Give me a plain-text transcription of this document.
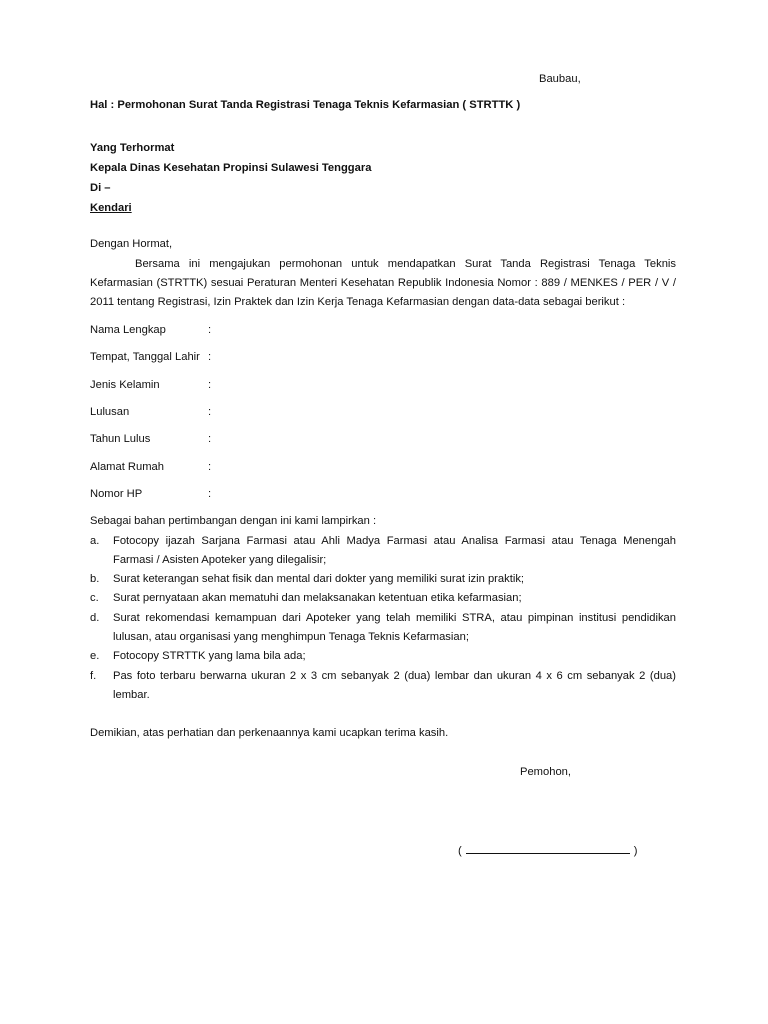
Baubau,
Hal : Permohonan Surat Tanda Registrasi Tenaga Teknis Kefarmasian ( STRTTK )
Yang Terhormat
Kepala Dinas Kesehatan Propinsi Sulawesi Tenggara
Di –
Kendari
Dengan Hormat,
Bersama ini mengajukan permohonan untuk mendapatkan Surat Tanda Registrasi Tenaga Teknis
Kefarmasian (STRTTK) sesuai Peraturan Menteri Kesehatan Republik Indonesia Nomor : 889 / MENKES / PER / V /
2011 tentang Registrasi, Izin Praktek dan Izin Kerja Tenaga Kefarmasian dengan data-data sebagai berikut :
Nama Lengkap	:
Tempat, Tanggal Lahir :
Jenis Kelamin	:
Lulusan	:
Tahun Lulus	:
Alamat Rumah	:
Nomor HP	:
Sebagai bahan pertimbangan dengan ini kami lampirkan :
a. Fotocopy ijazah Sarjana Farmasi atau Ahli Madya Farmasi atau Analisa Farmasi atau Tenaga Menengah
Farmasi / Asisten Apoteker yang dilegalisir;
b. Surat keterangan sehat fisik dan mental dari dokter yang memiliki surat izin praktik;
c. Surat pernyataan akan mematuhi dan melaksanakan ketentuan etika kefarmasian;
d. Surat rekomendasi kemampuan dari Apoteker yang telah memiliki STRA, atau pimpinan institusi pendidikan
lulusan, atau organisasi yang menghimpun Tenaga Teknis Kefarmasian;
e. Fotocopy STRTTK yang lama bila ada;
f. Pas foto terbaru berwarna ukuran 2 x 3 cm sebanyak 2 (dua) lembar dan ukuran 4 x 6 cm sebanyak 2 (dua)
lembar.
Demikian, atas perhatian dan perkenaannya kami ucapkan terima kasih.
Pemohon,
(	)
